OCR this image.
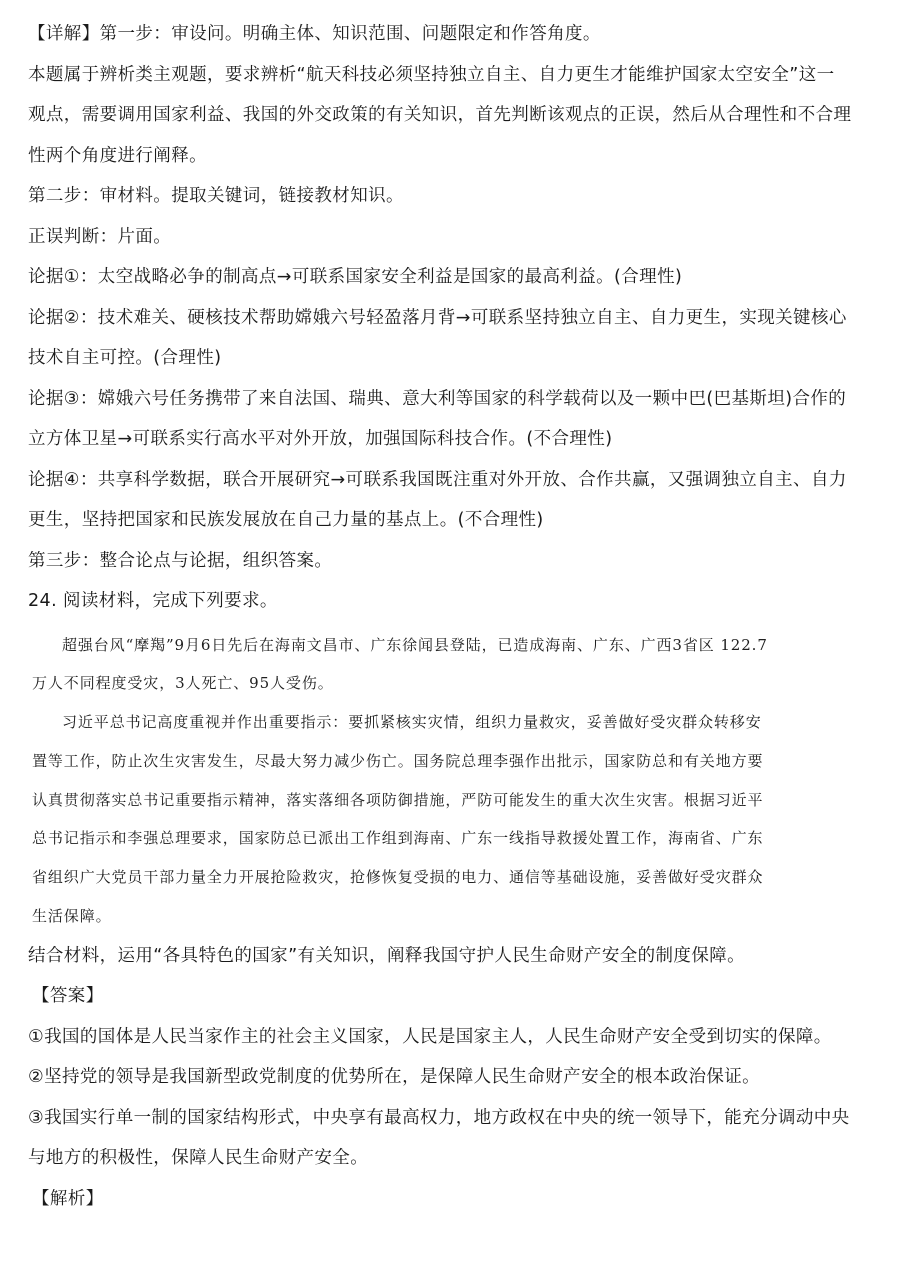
【详解】第一步：审设问。明确主体、知识范围、问题限定和作答角度。
本题属于辨析类主观题，要求辨析“航天科技必须坚持独立自主、自力更生才能维护国家太空安全”这一
观点，需要调用国家利益、我国的外交政策的有关知识，首先判断该观点的正误，然后从合理性和不合理
性两个角度进行阐释。
第二步：审材料。提取关键词，链接教材知识。
正误判断：片面。
论据①：太空战略必争的制高点→可联系国家安全利益是国家的最高利益。(合理性)
论据②：技术难关、硬核技术帮助嫦娥六号轻盈落月背→可联系坚持独立自主、自力更生，实现关键核心
技术自主可控。(合理性)
论据③：嫦娥六号任务携带了来自法国、瑞典、意大利等国家的科学载荷以及一颗中巴(巴基斯坦)合作的
立方体卫星→可联系实行高水平对外开放，加强国际科技合作。(不合理性)
论据④：共享科学数据，联合开展研究→可联系我国既注重对外开放、合作共赢，又强调独立自主、自力
更生，坚持把国家和民族发展放在自己力量的基点上。(不合理性)
第三步：整合论点与论据，组织答案。
24. 阅读材料，完成下列要求。
超强台风“摩羯”9月6日先后在海南文昌市、广东徐闻县登陆，已造成海南、广东、广西3省区 122.7
万人不同程度受灾，3人死亡、95人受伤。
习近平总书记高度重视并作出重要指示：要抓紧核实灾情，组织力量救灾，妥善做好受灾群众转移安
置等工作，防止次生灾害发生，尽最大努力减少伤亡。国务院总理李强作出批示，国家防总和有关地方要
认真贯彻落实总书记重要指示精神，落实落细各项防御措施，严防可能发生的重大次生灾害。根据习近平
总书记指示和李强总理要求，国家防总已派出工作组到海南、广东一线指导救援处置工作，海南省、广东
省组织广大党员干部力量全力开展抢险救灾，抢修恢复受损的电力、通信等基础设施，妥善做好受灾群众
生活保障。
结合材料，运用“各具特色的国家”有关知识，阐释我国守护人民生命财产安全的制度保障。
【答案】
①我国的国体是人民当家作主的社会主义国家，人民是国家主人，人民生命财产安全受到切实的保障。
②坚持党的领导是我国新型政党制度的优势所在，是保障人民生命财产安全的根本政治保证。
③我国实行单一制的国家结构形式，中央享有最高权力，地方政权在中央的统一领导下，能充分调动中央
与地方的积极性，保障人民生命财产安全。
【解析】
